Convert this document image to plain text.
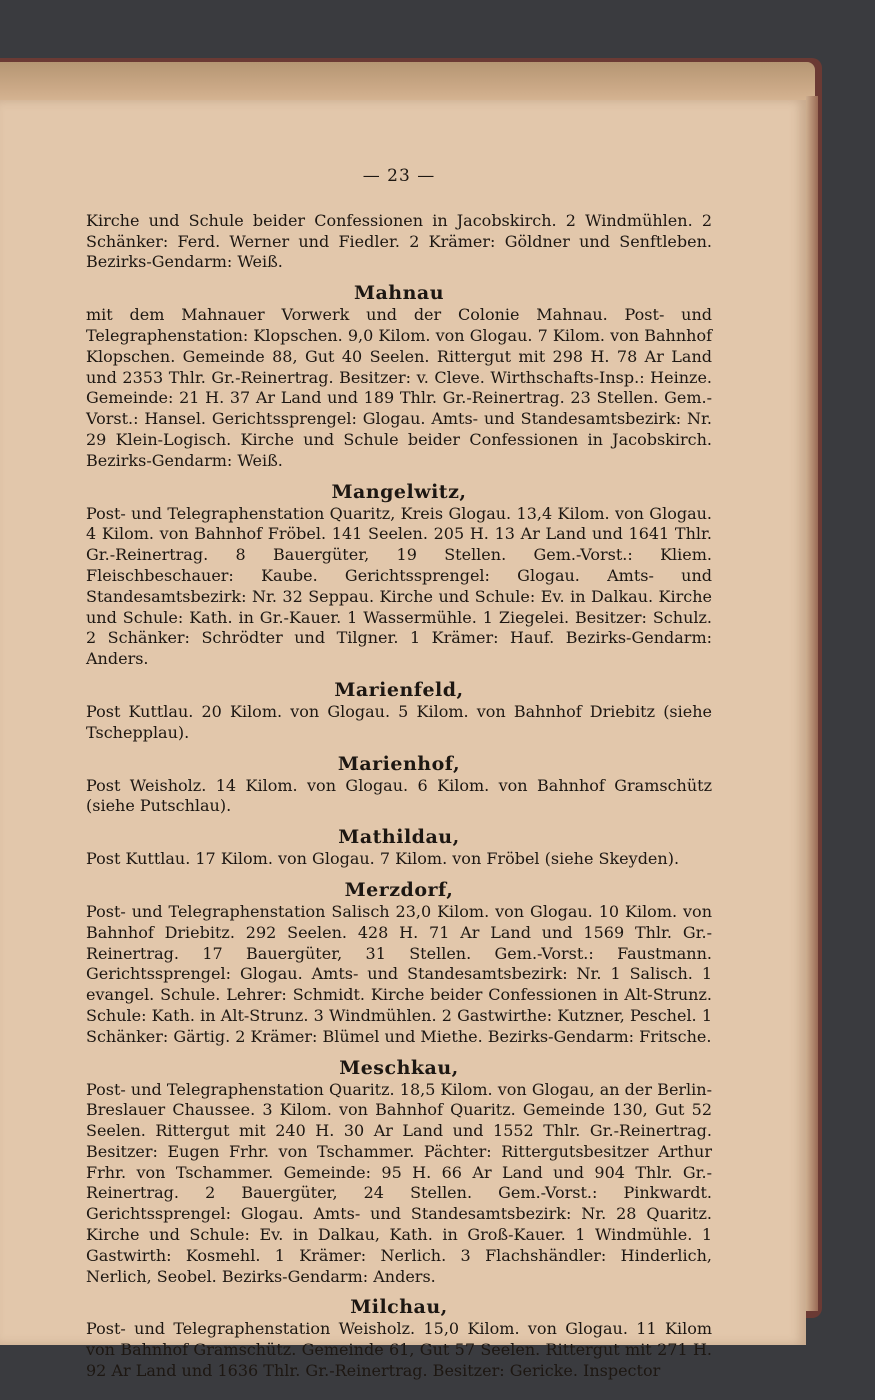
— 23 —

Kirche und Schule beider Confessionen in Jacobskirch. 2 Windmühlen. 2 Schänker: Ferd. Werner und Fiedler. 2 Krämer: Göldner und Senftleben. Bezirks-Gendarm: Weiß.

Mahnau

mit dem Mahnauer Vorwerk und der Colonie Mahnau. Post- und Telegraphenstation: Klopschen. 9,0 Kilom. von Glogau. 7 Kilom. von Bahnhof Klopschen. Gemeinde 88, Gut 40 Seelen. Rittergut mit 298 H. 78 Ar Land und 2353 Thlr. Gr.-Reinertrag. Besitzer: v. Cleve. Wirthschafts-Insp.: Heinze. Gemeinde: 21 H. 37 Ar Land und 189 Thlr. Gr.-Reinertrag. 23 Stellen. Gem.-Vorst.: Hansel. Gerichtssprengel: Glogau. Amts- und Standesamtsbezirk: Nr. 29 Klein-Logisch. Kirche und Schule beider Confessionen in Jacobskirch. Bezirks-Gendarm: Weiß.

Mangelwitz,

Post- und Telegraphenstation Quaritz, Kreis Glogau. 13,4 Kilom. von Glogau. 4 Kilom. von Bahnhof Fröbel. 141 Seelen. 205 H. 13 Ar Land und 1641 Thlr. Gr.-Reinertrag. 8 Bauergüter, 19 Stellen. Gem.-Vorst.: Kliem. Fleischbeschauer: Kaube. Gerichtssprengel: Glogau. Amts- und Standesamtsbezirk: Nr. 32 Seppau. Kirche und Schule: Ev. in Dalkau. Kirche und Schule: Kath. in Gr.-Kauer. 1 Wassermühle. 1 Ziegelei. Besitzer: Schulz. 2 Schänker: Schrödter und Tilgner. 1 Krämer: Hauf. Bezirks-Gendarm: Anders.

Marienfeld,

Post Kuttlau. 20 Kilom. von Glogau. 5 Kilom. von Bahnhof Driebitz (siehe Tschepplau).

Marienhof,

Post Weisholz. 14 Kilom. von Glogau. 6 Kilom. von Bahnhof Gramschütz (siehe Putschlau).

Mathildau,

Post Kuttlau. 17 Kilom. von Glogau. 7 Kilom. von Fröbel (siehe Skeyden).

Merzdorf,

Post- und Telegraphenstation Salisch 23,0 Kilom. von Glogau. 10 Kilom. von Bahnhof Driebitz. 292 Seelen. 428 H. 71 Ar Land und 1569 Thlr. Gr.-Reinertrag. 17 Bauergüter, 31 Stellen. Gem.-Vorst.: Faustmann. Gerichtssprengel: Glogau. Amts- und Standesamtsbezirk: Nr. 1 Salisch. 1 evangel. Schule. Lehrer: Schmidt. Kirche beider Confessionen in Alt-Strunz. Schule: Kath. in Alt-Strunz. 3 Windmühlen. 2 Gastwirthe: Kutzner, Peschel. 1 Schänker: Gärtig. 2 Krämer: Blümel und Miethe. Bezirks-Gendarm: Fritsche.

Meschkau,

Post- und Telegraphenstation Quaritz. 18,5 Kilom. von Glogau, an der Berlin-Breslauer Chaussee. 3 Kilom. von Bahnhof Quaritz. Gemeinde 130, Gut 52 Seelen. Rittergut mit 240 H. 30 Ar Land und 1552 Thlr. Gr.-Reinertrag. Besitzer: Eugen Frhr. von Tschammer. Pächter: Rittergutsbesitzer Arthur Frhr. von Tschammer. Gemeinde: 95 H. 66 Ar Land und 904 Thlr. Gr.-Reinertrag. 2 Bauergüter, 24 Stellen. Gem.-Vorst.: Pinkwardt. Gerichtssprengel: Glogau. Amts- und Standesamtsbezirk: Nr. 28 Quaritz. Kirche und Schule: Ev. in Dalkau, Kath. in Groß-Kauer. 1 Windmühle. 1 Gastwirth: Kosmehl. 1 Krämer: Nerlich. 3 Flachshändler: Hinderlich, Nerlich, Seobel. Bezirks-Gendarm: Anders.

Milchau,

Post- und Telegraphenstation Weisholz. 15,0 Kilom. von Glogau. 11 Kilom von Bahnhof Gramschütz. Gemeinde 61, Gut 57 Seelen. Rittergut mit 271 H. 92 Ar Land und 1636 Thlr. Gr.-Reinertrag. Besitzer: Gericke. Inspector
